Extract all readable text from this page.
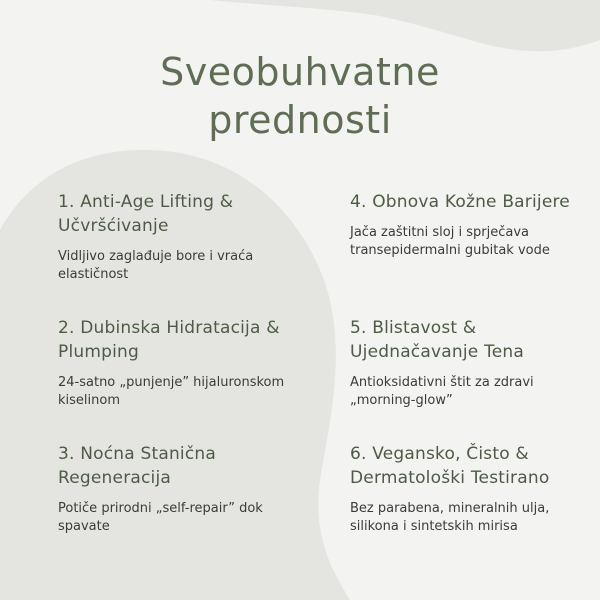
Sveobuhvatne
prednosti
1. Anti-Age Lifting & Učvršćivanje
Vidljivo zaglađuje bore i vraća elastičnost
2. Dubinska Hidratacija & Plumping
24-satno „punjenje” hijaluronskom kiselinom
3. Noćna Stanična Regeneracija
Potiče prirodni „self-repair” dok spavate
4. Obnova Kožne Barijere
Jača zaštitni sloj i sprječava transepidermalni gubitak vode
5. Blistavost & Ujednačavanje Tena
Antioksidativni štit za zdravi „morning-glow”
6. Vegansko, Čisto & Dermatološki Testirano
Bez parabena, mineralnih ulja, silikona i sintetskih mirisa
